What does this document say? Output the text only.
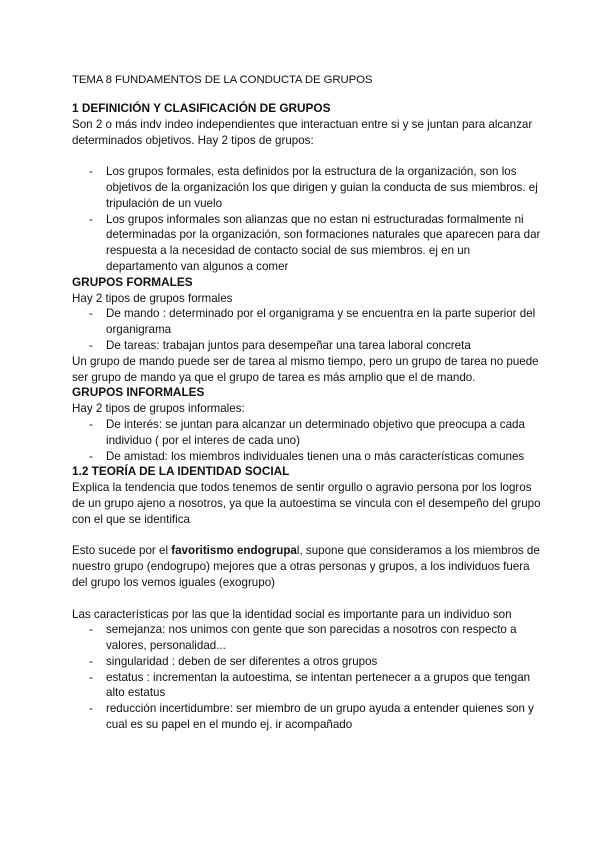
TEMA 8 FUNDAMENTOS DE LA CONDUCTA DE GRUPOS

1 DEFINICIÓN Y CLASIFICACIÓN DE GRUPOS

Son 2 o más indv indeo independientes que interactuan entre si y se juntan para alcanzar determinados objetivos. Hay 2 tipos de grupos:

- Los grupos formales, esta definidos por la estructura de la organización, son los objetivos de la organización los que dirigen y guian la conducta de sus miembros. ej tripulación de un vuelo
- Los grupos informales son alianzas que no estan ni estructuradas formalmente ni determinadas por la organización, son formaciones naturales que aparecen para dar respuesta a la necesidad de contacto social de sus miembros. ej en un departamento van algunos a comer

GRUPOS FORMALES

Hay 2 tipos de grupos formales

- De mando : determinado por el organigrama y se encuentra en la parte superior del organigrama
- De tareas: trabajan juntos para desempeñar una tarea laboral concreta

Un grupo de mando puede ser de tarea al mismo tiempo, pero un grupo de tarea no puede ser grupo de mando ya que el grupo de tarea es más amplio que el de mando.

GRUPOS INFORMALES

Hay 2 tipos de grupos informales:

- De interés: se juntan para alcanzar un determinado objetivo que preocupa a cada individuo ( por el interes de cada uno)
- De amistad: los miembros individuales tienen una o más características comunes

1.2 TEORÍA DE LA IDENTIDAD SOCIAL

Explica la tendencia que todos tenemos de sentir orgullo o agravio persona por los logros de un grupo ajeno a nosotros, ya que la autoestima se vincula con el desempeño del grupo con el que se identifica

Esto sucede por el favoritismo endogrupal, supone que consideramos a los miembros de nuestro grupo (endogrupo) mejores que a otras personas y grupos, a los individuos fuera del grupo los vemos iguales (exogrupo)

Las características por las que la identidad social es importante para un individuo son

- semejanza: nos unimos con gente que son parecidas a nosotros con respecto a valores, personalidad...
- singularidad : deben de ser diferentes a otros grupos
- estatus : incrementan la autoestima, se intentan pertenecer a a grupos que tengan alto estatus
- reducción incertidumbre: ser miembro de un grupo ayuda a entender quienes son y cual es su papel en el mundo ej. ir acompañado
